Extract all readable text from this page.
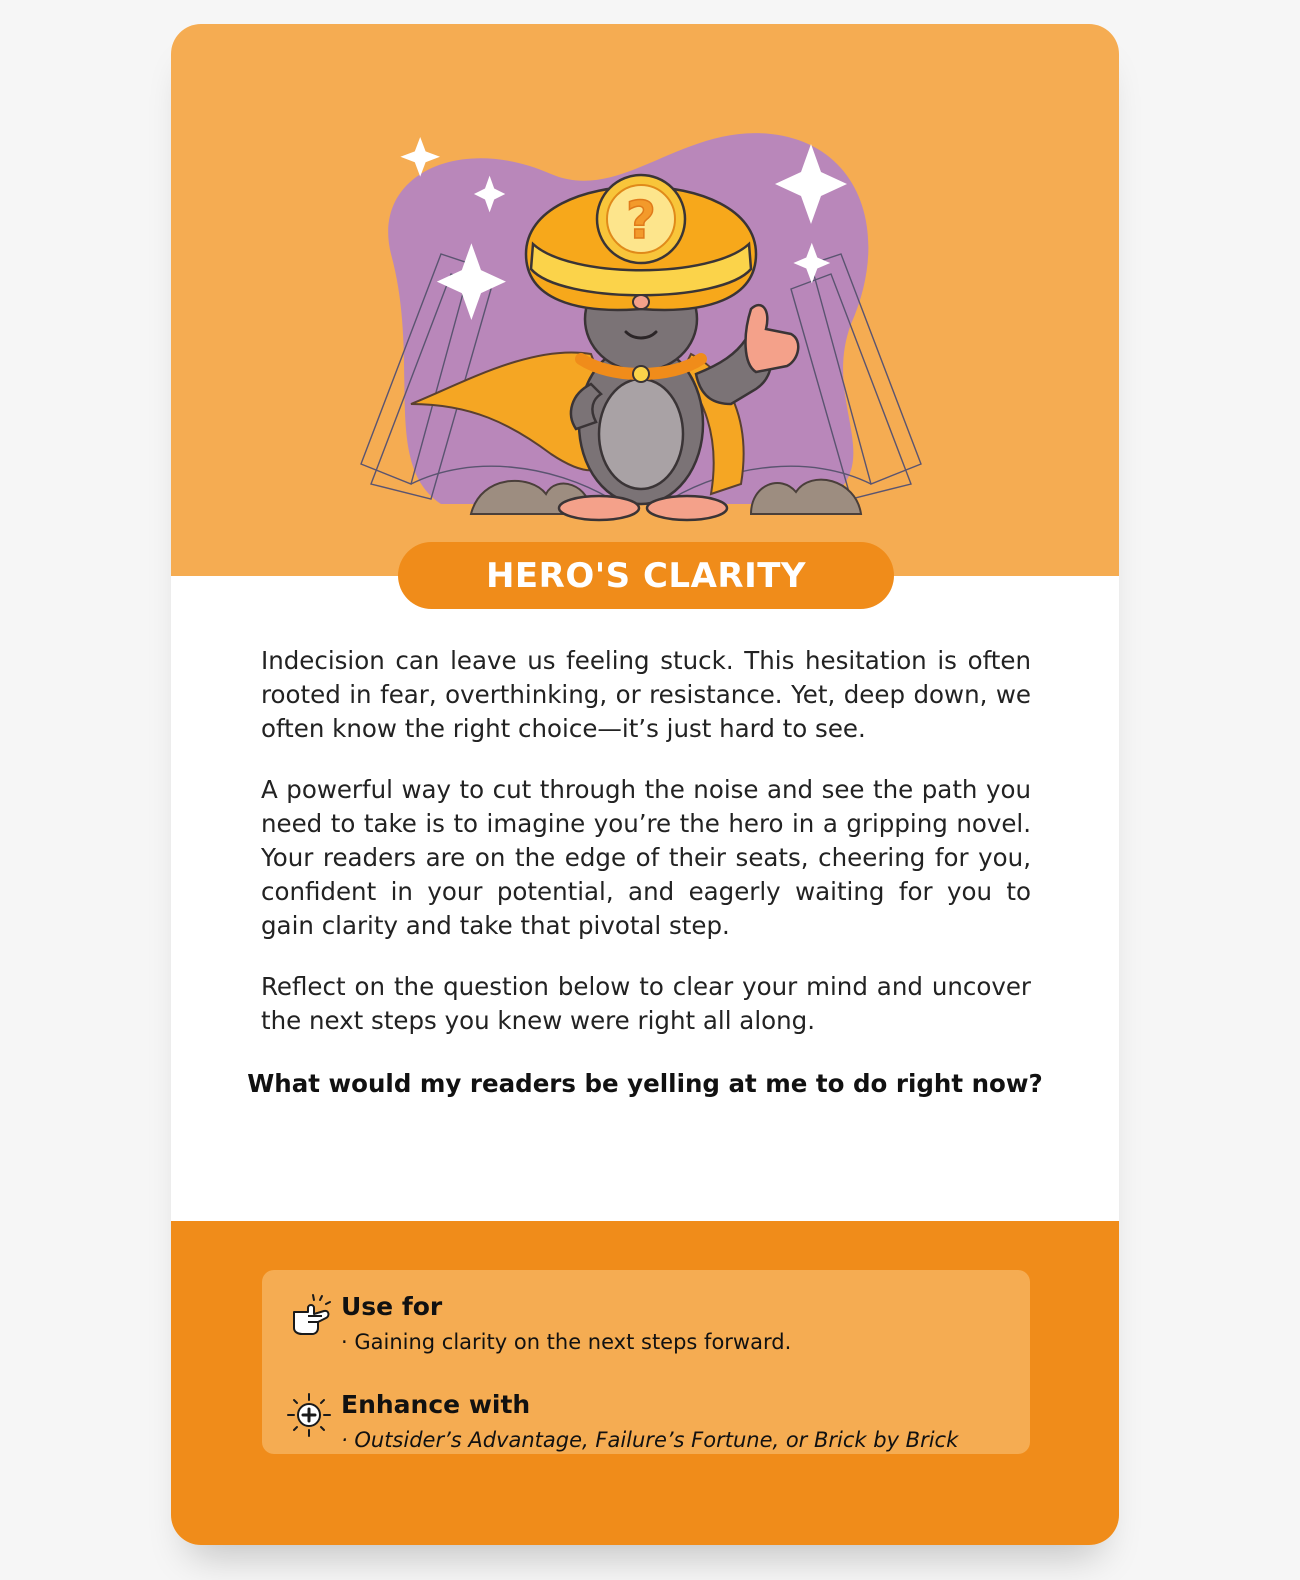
?
HERO'S CLARITY

Indecision can leave us feeling stuck. This hesitation is often rooted in fear, overthinking, or resistance. Yet, deep down, we often know the right choice—it’s just hard to see.

A powerful way to cut through the noise and see the path you need to take is to imagine you’re the hero in a gripping novel. Your readers are on the edge of their seats, cheering for you, confident in your potential, and eagerly waiting for you to gain clarity and take that pivotal step.

Reflect on the question below to clear your mind and uncover the next steps you knew were right all along.

What would my readers be yelling at me to do right now?
Use for
· Gaining clarity on the next steps forward.
Enhance with
· Outsider’s Advantage, Failure’s Fortune, or Brick by Brick
